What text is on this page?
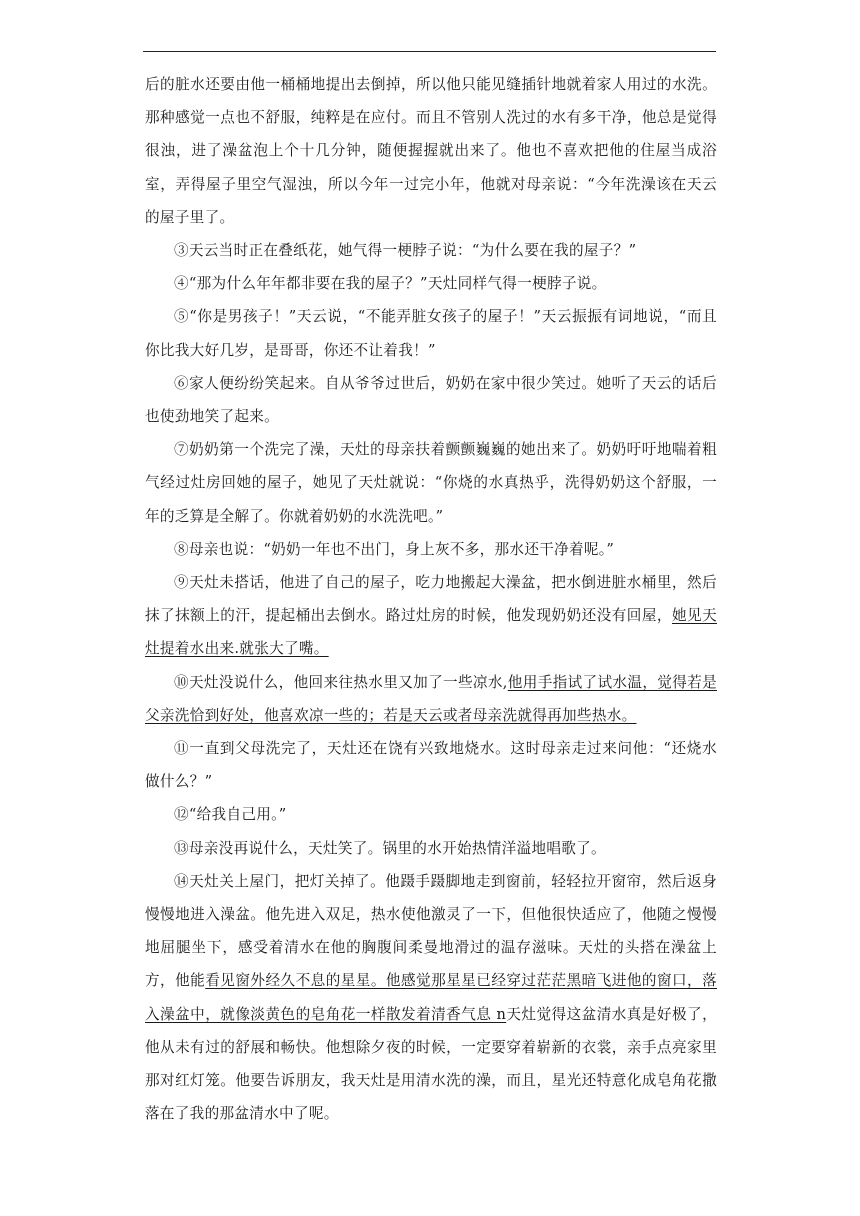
后的脏水还要由他一桶桶地提出去倒掉，所以他只能见缝插针地就着家人用过的水洗。那种感觉一点也不舒服，纯粹是在应付。而且不管别人洗过的水有多干净，他总是觉得很浊，进了澡盆泡上个十几分钟，随便握握就出来了。他也不喜欢把他的住屋当成浴室，弄得屋子里空气湿浊，所以今年一过完小年，他就对母亲说：“今年洗澡该在天云的屋子里了。

③天云当时正在叠纸花，她气得一梗脖子说：“为什么要在我的屋子？”

④“那为什么年年都非要在我的屋子？”天灶同样气得一梗脖子说。

⑤“你是男孩子！”天云说，“不能弄脏女孩子的屋子！”天云振振有词地说，“而且你比我大好几岁，是哥哥，你还不让着我！”

⑥家人便纷纷笑起来。自从爷爷过世后，奶奶在家中很少笑过。她听了天云的话后也使劲地笑了起来。

⑦奶奶第一个洗完了澡，天灶的母亲扶着颤颤巍巍的她出来了。奶奶吁吁地喘着粗气经过灶房回她的屋子，她见了天灶就说：“你烧的水真热乎，洗得奶奶这个舒服，一年的乏算是全解了。你就着奶奶的水洗洗吧。”

⑧母亲也说：“奶奶一年也不出门，身上灰不多，那水还干净着呢。”

⑨天灶未搭话，他进了自己的屋子，吃力地搬起大澡盆，把水倒进脏水桶里，然后抹了抹额上的汗，提起桶出去倒水。路过灶房的时候，他发现奶奶还没有回屋，她见天灶提着水出来.就张大了嘴。

⑩天灶没说什么，他回来往热水里又加了一些凉水,他用手指试了试水温，觉得若是父亲洗恰到好处，他喜欢凉一些的；若是天云或者母亲洗就得再加些热水。

⑪一直到父母洗完了，天灶还在饶有兴致地烧水。这时母亲走过来问他：“还烧水做什么？”

⑫“给我自己用。”

⑬母亲没再说什么，天灶笑了。锅里的水开始热情洋溢地唱歌了。

⑭天灶关上屋门，把灯关掉了。他蹑手蹑脚地走到窗前，轻轻拉开窗帘，然后返身慢慢地进入澡盆。他先进入双足，热水使他激灵了一下，但他很快适应了，他随之慢慢地屈腿坐下，感受着清水在他的胸腹间柔曼地滑过的温存滋味。天灶的头搭在澡盆上方，他能看见窗外经久不息的星星。他感觉那星星已经穿过茫茫黑暗飞进他的窗口，落入澡盆中，就像淡黄色的皂角花一样散发着清香气息 n天灶觉得这盆清水真是好极了，他从未有过的舒展和畅快。他想除夕夜的时候，一定要穿着崭新的衣裳，亲手点亮家里那对红灯笼。他要告诉朋友，我天灶是用清水洗的澡，而且，星光还特意化成皂角花撒落在了我的那盆清水中了呢。
